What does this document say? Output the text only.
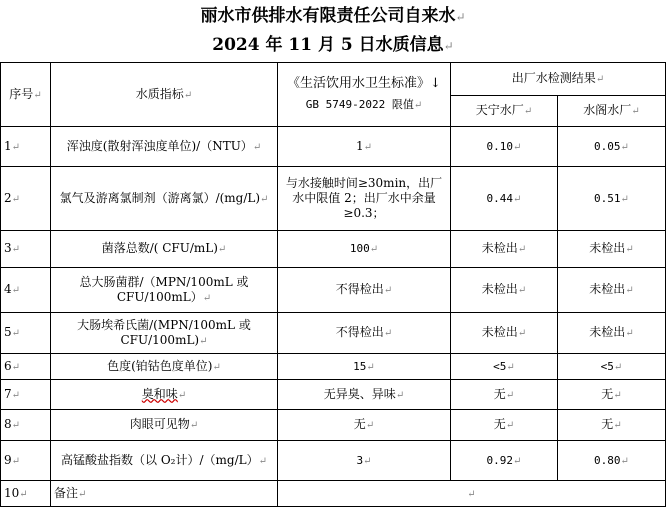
丽水市供排水有限责任公司自来水↵
2024 年 11 月 5 日水质信息↵
序号↵	水质指标↵	《生活饮用水卫生标准》↓
GB 5749-2022 限值↵	出厂水检测结果↵	
			天宁水厂↵	水阁水厂↵
1↵	浑浊度(散射浑浊度单位)/（NTU）↵	1↵	0.10↵	0.05↵
2↵	氯气及游离氯制剂（游离氯）/(mg/L)↵	与水接触时间≥30min，出厂水中限值 2；出厂水中余量≥0.3；	0.44↵	0.51↵
3↵	菌落总数/( CFU/mL)↵	100↵	未检出↵	未检出↵
4↵	总大肠菌群/（MPN/100mL 或 CFU/100mL）↵	不得检出↵	未检出↵	未检出↵
5↵	大肠埃希氏菌/(MPN/100mL 或 CFU/100mL)↵	不得检出↵	未检出↵	未检出↵
6↵	色度(铂钴色度单位)↵	15↵	<5↵	<5↵
7↵	臭和味↵	无异臭、异味↵	无↵	无↵
8↵	肉眼可见物↵	无↵	无↵	无↵
9↵	高锰酸盐指数（以 O₂计）/（mg/L）↵	3↵	0.92↵	0.80↵
10↵	备注↵	↵		
